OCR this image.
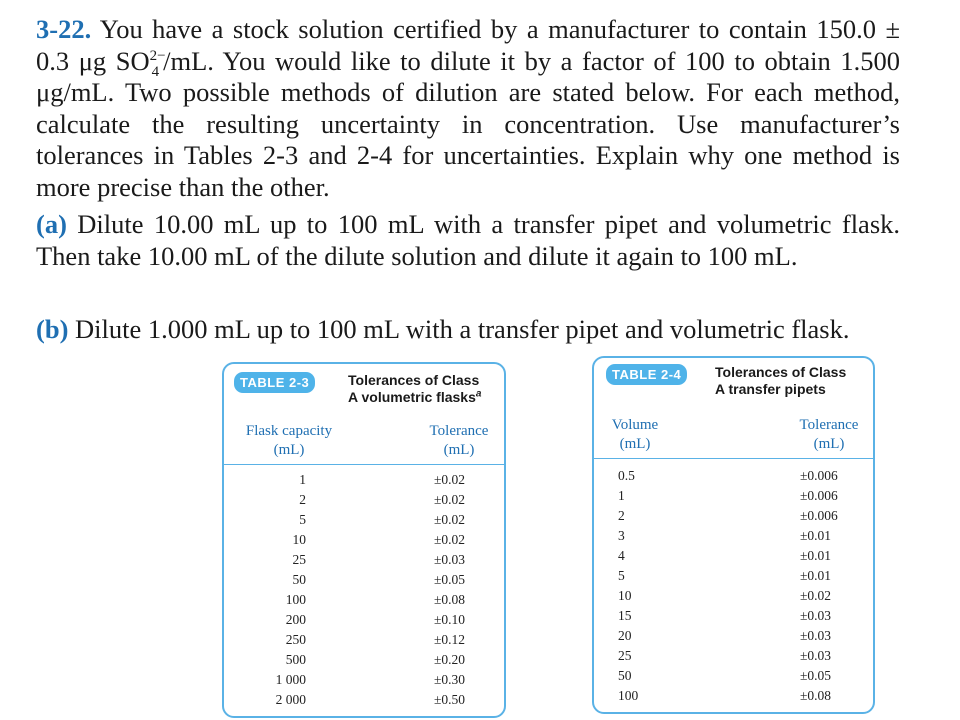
3-22. You have a stock solution certified by a manufacturer to contain 150.0 ± 0.3 μg $SO^{2-}_4$ /mL. You would like to dilute it by a factor of 100 to obtain 1.500 μg/mL. Two possible methods of dilution are stated below. For each method, calculate the resulting uncertainty in concentration. Use manufacturer’s tolerances in Tables 2-3 and 2-4 for uncertainties. Explain why one method is more precise than the other.

(a) Dilute 10.00 mL up to 100 mL with a transfer pipet and volumetric flask. Then take 10.00 mL of the dilute solution and dilute it again to 100 mL.

(b) Dilute 1.000 mL up to 100 mL with a transfer pipet and volumetric flask.
TABLE 2-3	Tolerances of Class
A volumetric flasks$^a$
Flask capacity
(mL)
Tolerance
(mL)
1
2
5
10
25
50
100
200
250
500
1 000
2 000
±0.02
±0.02
±0.02
±0.02
±0.03
±0.05
±0.08
±0.10
±0.12
±0.20
±0.30
±0.50
TABLE 2-4	Tolerances of Class
A transfer pipets
Volume
(mL)
Tolerance
(mL)
0.5
1
2
3
4
5
10
15
20
25
50
100
±0.006
±0.006
±0.006
±0.01
±0.01
±0.01
±0.02
±0.03
±0.03
±0.03
±0.05
±0.08
